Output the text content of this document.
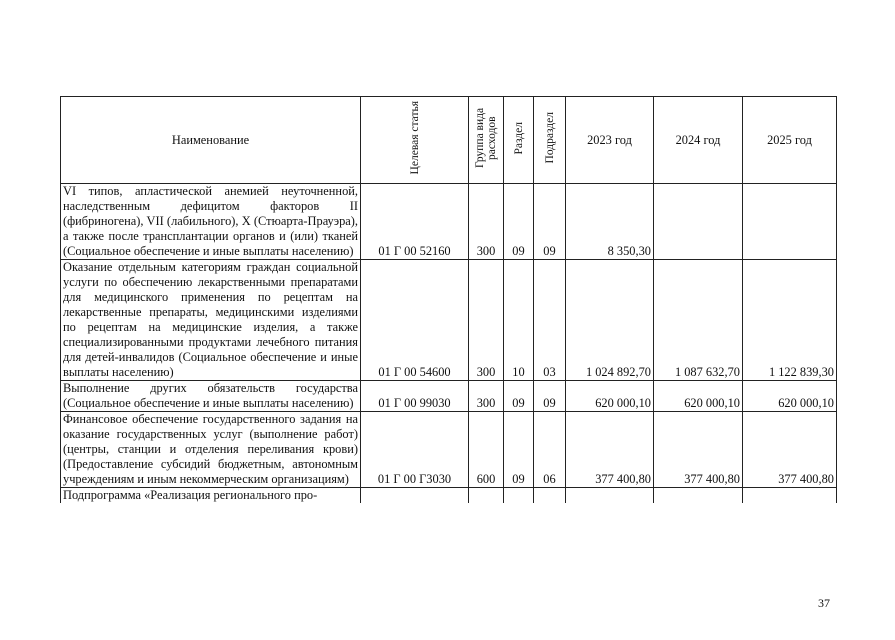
Наименование	Целевая статья	Группа вида расходов	Раздел	Подраздел	2023 год	2024 год	2025 год
VI типов, апластической анемией неуточненной, наследственным дефицитом факторов II (фибриногена), VII (лабильного), X (Стюарта-Прауэра), а также после трансплантации органов и (или) тканей (Социальное обеспечение и иные выплаты населению)	01 Г 00 52160	300	09	09	8 350,30		
Оказание отдельным категориям граждан социальной услуги по обеспечению лекарственными препаратами для медицинского применения по рецептам на лекарственные препараты, медицинскими изделиями по рецептам на медицинские изделия, а также специализированными продуктами лечебного питания для детей-инвалидов (Социальное обеспечение и иные выплаты населению)	01 Г 00 54600	300	10	03	1 024 892,70	1 087 632,70	1 122 839,30
Выполнение других обязательств государства (Социальное обеспечение и иные выплаты населению)	01 Г 00 99030	300	09	09	620 000,10	620 000,10	620 000,10
Финансовое обеспечение государственного задания на оказание государственных услуг (выполнение работ) (центры, станции и отделения переливания крови) (Предоставление субсидий бюджетным, автономным учреждениям и иным некоммерческим организациям)	01 Г 00 Г3030	600	09	06	377 400,80	377 400,80	377 400,80
Подпрограмма «Реализация регионального про-							
37
